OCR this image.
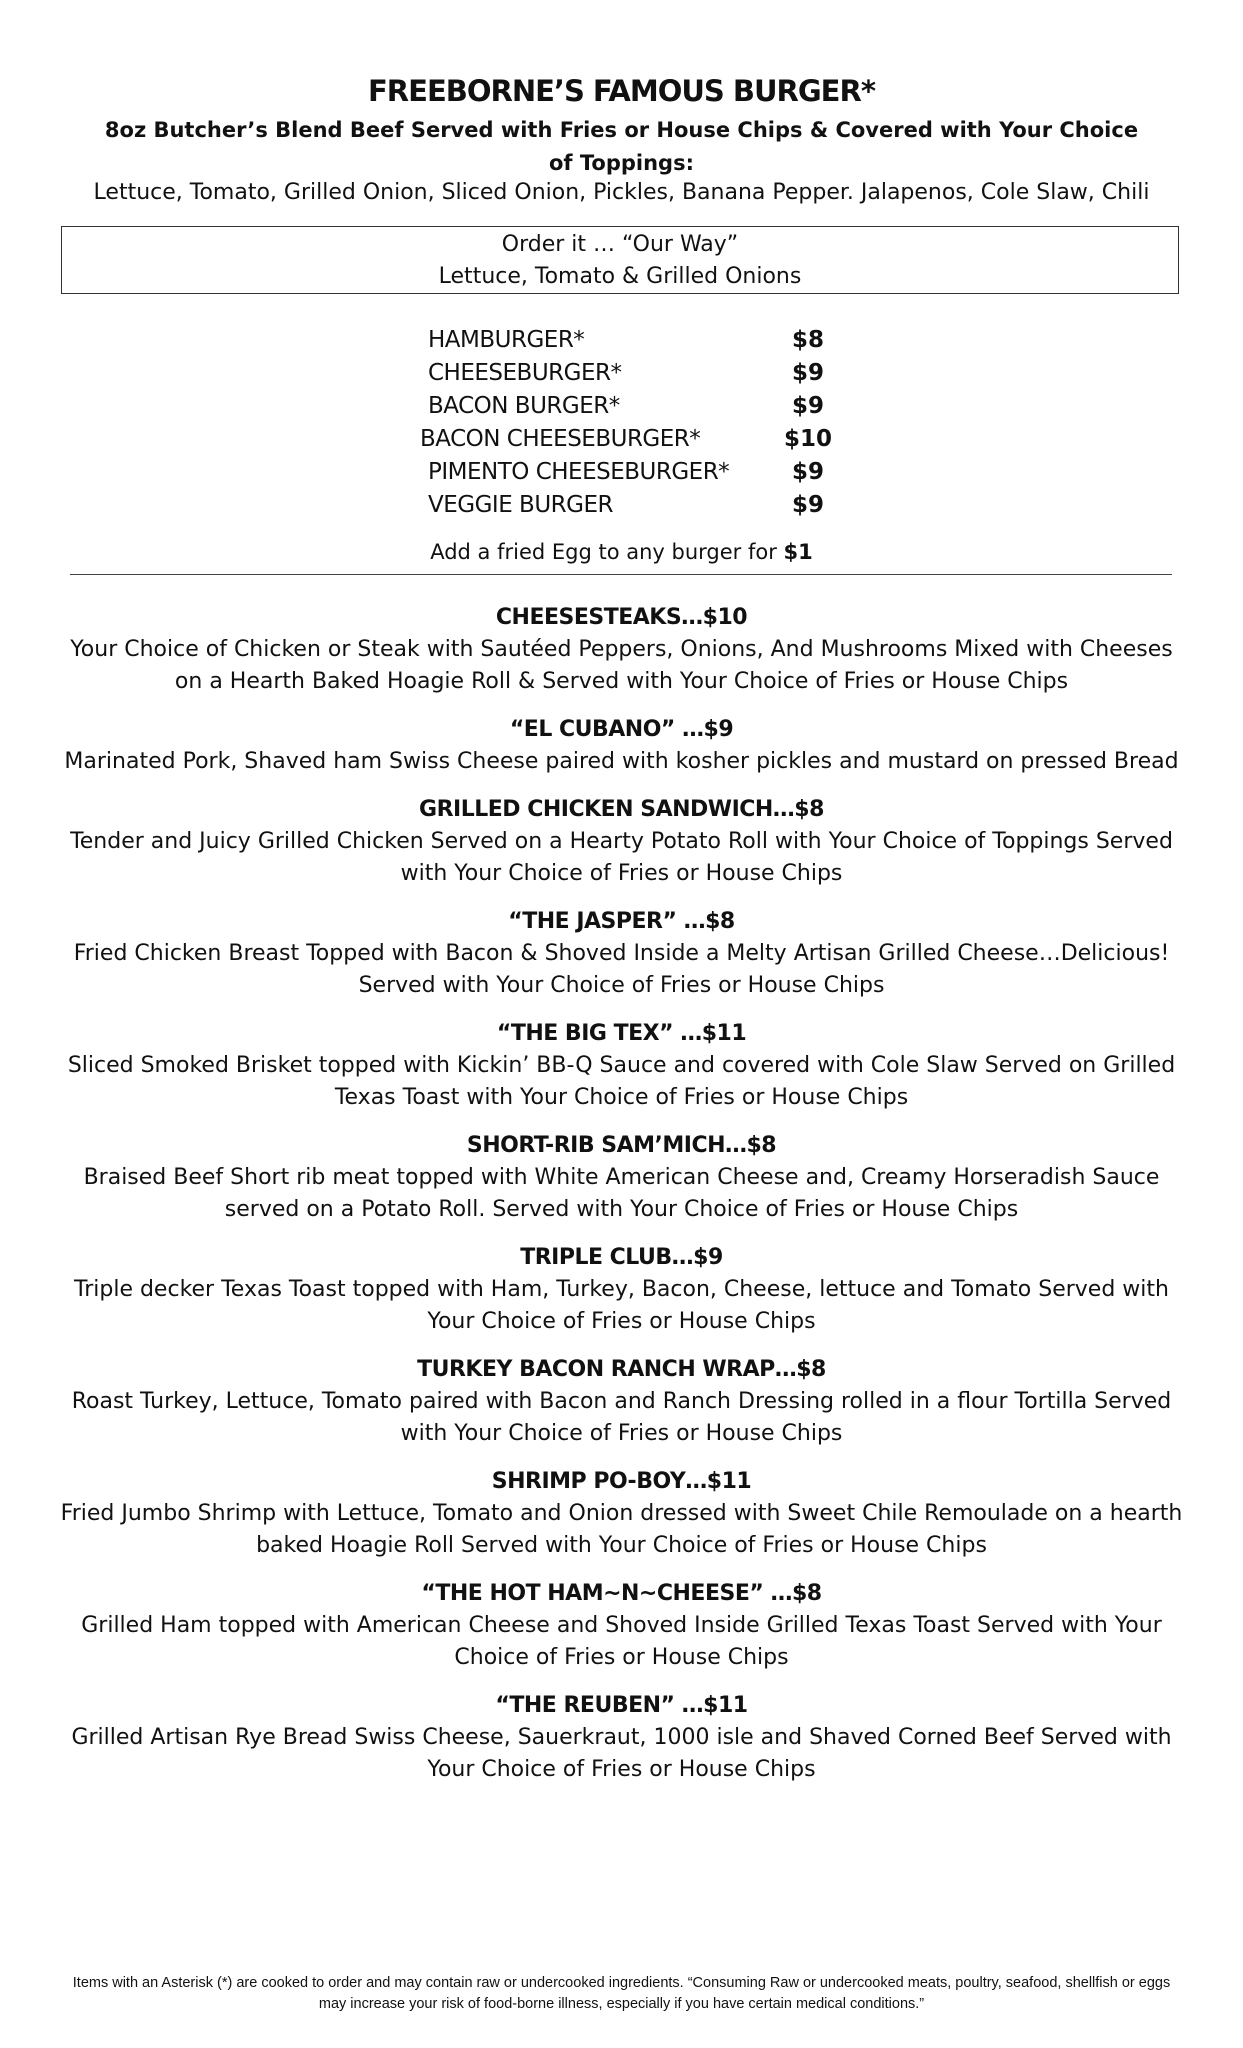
FREEBORNE’S FAMOUS BURGER*
8oz Butcher’s Blend Beef Served with Fries or House Chips & Covered with Your Choice of Toppings:
Lettuce, Tomato, Grilled Onion, Sliced Onion, Pickles, Banana Pepper. Jalapenos, Cole Slaw, Chili
Order it … “Our Way”
Lettuce, Tomato & Grilled Onions
HAMBURGER*	$8
CHEESEBURGER*	$9
BACON BURGER*	$9
BACON CHEESEBURGER*	$10
PIMENTO CHEESEBURGER*	$9
VEGGIE BURGER	$9
Add a fried Egg to any burger for $1
CHEESESTEAKS…$10
Your Choice of Chicken or Steak with Sautéed Peppers, Onions, And Mushrooms Mixed with Cheeses on a Hearth Baked Hoagie Roll & Served with Your Choice of Fries or House Chips
“EL CUBANO” …$9
Marinated Pork, Shaved ham Swiss Cheese paired with kosher pickles and mustard on pressed Bread
GRILLED CHICKEN SANDWICH…$8
Tender and Juicy Grilled Chicken Served on a Hearty Potato Roll with Your Choice of Toppings Served with Your Choice of Fries or House Chips
“THE JASPER” …$8
Fried Chicken Breast Topped with Bacon & Shoved Inside a Melty Artisan Grilled Cheese…Delicious! Served with Your Choice of Fries or House Chips
“THE BIG TEX” …$11
Sliced Smoked Brisket topped with Kickin’ BB-Q Sauce and covered with Cole Slaw Served on Grilled Texas Toast with Your Choice of Fries or House Chips
SHORT-RIB SAM’MICH…$8
Braised Beef Short rib meat topped with White American Cheese and, Creamy Horseradish Sauce served on a Potato Roll. Served with Your Choice of Fries or House Chips
TRIPLE CLUB…$9
Triple decker Texas Toast topped with Ham, Turkey, Bacon, Cheese, lettuce and Tomato Served with Your Choice of Fries or House Chips
TURKEY BACON RANCH WRAP…$8
Roast Turkey, Lettuce, Tomato paired with Bacon and Ranch Dressing rolled in a flour Tortilla Served with Your Choice of Fries or House Chips
SHRIMP PO-BOY…$11
Fried Jumbo Shrimp with Lettuce, Tomato and Onion dressed with Sweet Chile Remoulade on a hearth baked Hoagie Roll Served with Your Choice of Fries or House Chips
“THE HOT HAM~N~CHEESE” …$8
Grilled Ham topped with American Cheese and Shoved Inside Grilled Texas Toast Served with Your Choice of Fries or House Chips
“THE REUBEN” …$11
Grilled Artisan Rye Bread Swiss Cheese, Sauerkraut, 1000 isle and Shaved Corned Beef Served with Your Choice of Fries or House Chips
Items with an Asterisk (*) are cooked to order and may contain raw or undercooked ingredients. “Consuming Raw or undercooked meats, poultry, seafood, shellfish or eggs may increase your risk of food-borne illness, especially if you have certain medical conditions.”
